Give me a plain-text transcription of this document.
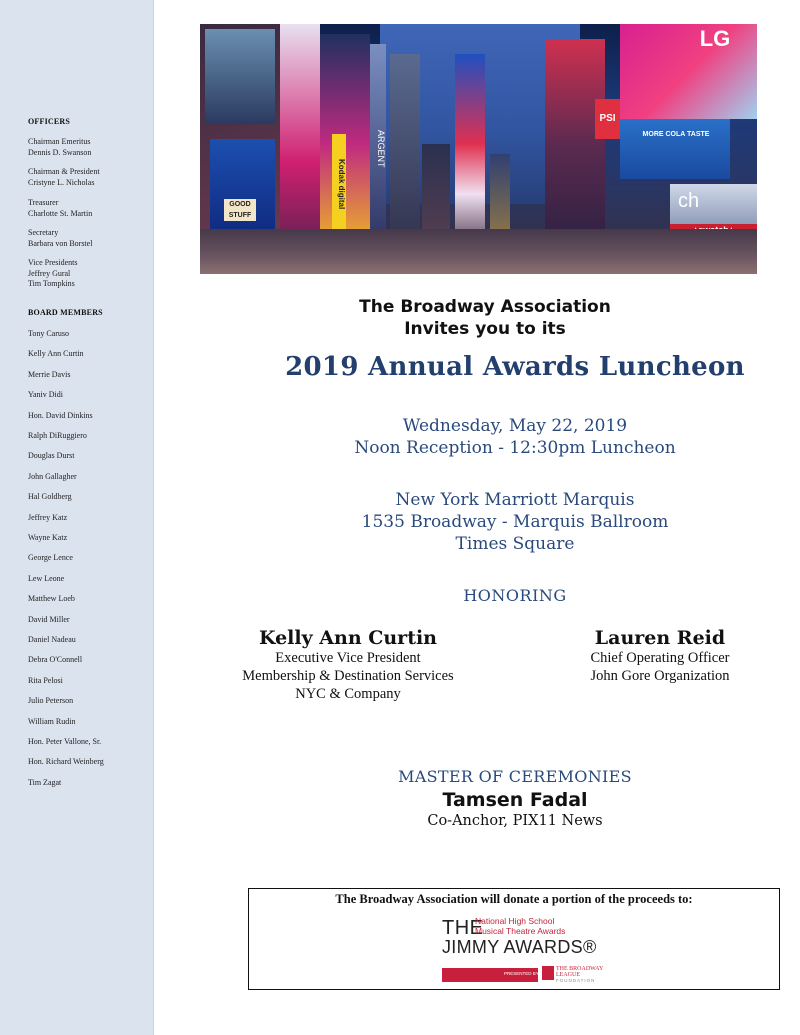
OFFICERS
Chairman Emeritus
Dennis D. Swanson
Chairman & President
Cristyne L. Nicholas
Treasurer
Charlotte St. Martin
Secretary
Barbara von Borstel
Vice Presidents
Jeffrey Gural
Tim Tompkins
BOARD MEMBERS
Tony Caruso
Kelly Ann Curtin
Merrie Davis
Yaniv Didi
Hon. David Dinkins
Ralph DiRuggiero
Douglas Durst
John Gallagher
Hal Goldberg
Jeffrey Katz
Wayne Katz
George Lence
Lew Leone
Matthew Loeb
David Miller
Daniel Nadeau
Debra O'Connell
Rita Pelosi
Julio Peterson
William Rudin
Hon. Peter Vallone, Sr.
Hon. Richard Weinberg
Tim Zagat
GOOD STUFF
Kodak digital
ARGENT
PSI
LG
MORE COLA TASTE
ch
The Broadway Association
Invites you to its
2019 Annual Awards Luncheon
Wednesday, May 22, 2019
Noon Reception - 12:30pm Luncheon
New York Marriott Marquis
1535 Broadway - Marquis Ballroom
Times Square
HONORING
Kelly Ann Curtin
Executive Vice President
Membership & Destination Services
NYC & Company
Lauren Reid
Chief Operating Officer
John Gore Organization
MASTER OF CEREMONIES
Tamsen Fadal
Co-Anchor, PIX11 News
The Broadway Association will donate a portion of the proceeds to:
THE
National High School
Musical Theatre Awards
JIMMY AWARDS®
PRESENTED BY
THE BROADWAY
LEAGUE
FOUNDATION
